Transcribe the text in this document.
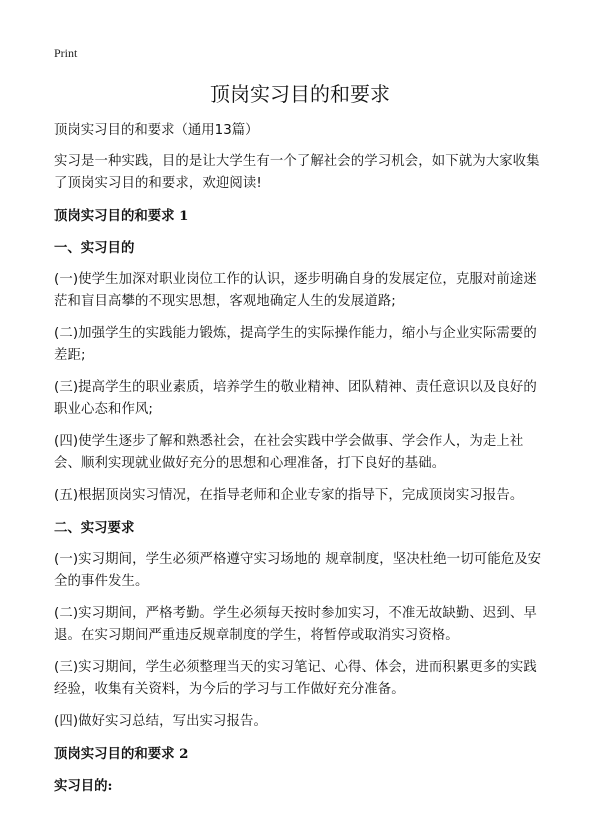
Print
顶岗实习目的和要求

顶岗实习目的和要求（通用13篇）

实习是一种实践，目的是让大学生有一个了解社会的学习机会，如下就为大家收集了顶岗实习目的和要求，欢迎阅读!

顶岗实习目的和要求 1

一、实习目的

(一)使学生加深对职业岗位工作的认识，逐步明确自身的发展定位，克服对前途迷茫和盲目高攀的不现实思想，客观地确定人生的发展道路;

(二)加强学生的实践能力锻炼，提高学生的实际操作能力，缩小与企业实际需要的差距;

(三)提高学生的职业素质，培养学生的敬业精神、团队精神、责任意识以及良好的职业心态和作风;

(四)使学生逐步了解和熟悉社会，在社会实践中学会做事、学会作人，为走上社会、顺利实现就业做好充分的思想和心理准备，打下良好的基础。

(五)根据顶岗实习情况，在指导老师和企业专家的指导下，完成顶岗实习报告。

二、实习要求

(一)实习期间，学生必须严格遵守实习场地的 规章制度，坚决杜绝一切可能危及安全的事件发生。

(二)实习期间，严格考勤。学生必须每天按时参加实习，不准无故缺勤、迟到、早退。在实习期间严重违反规章制度的学生，将暂停或取消实习资格。

(三)实习期间，学生必须整理当天的实习笔记、心得、体会，进而积累更多的实践经验，收集有关资料，为今后的学习与工作做好充分准备。

(四)做好实习总结，写出实习报告。

顶岗实习目的和要求 2

实习目的:
